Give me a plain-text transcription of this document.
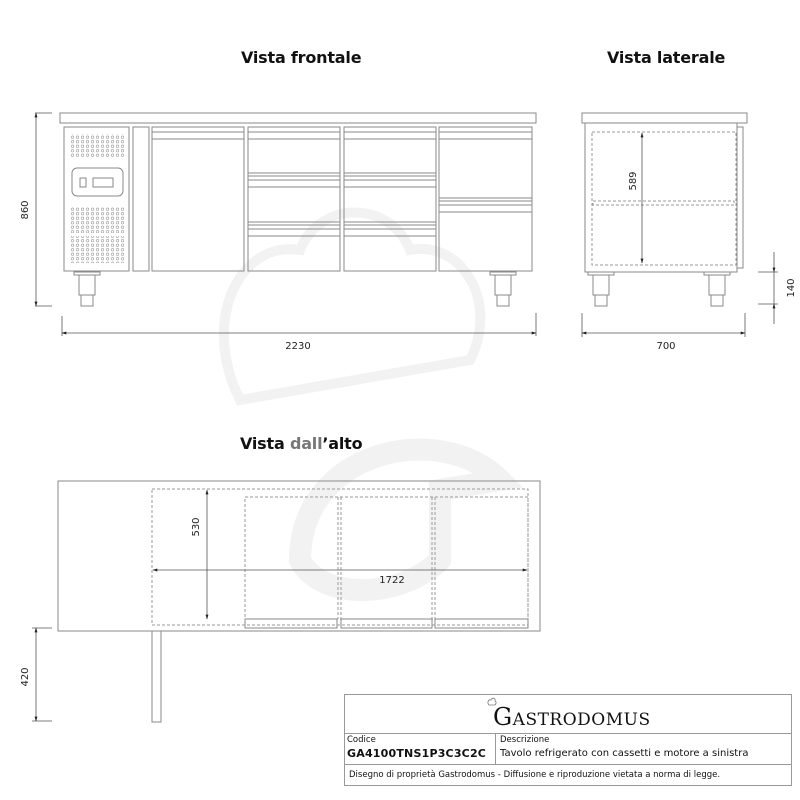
Vista frontale	Vista laterale
Vista dall’alto
860
2230
589
140
700
530
1722
420
GASTRODOMUS
Codice
GA4100TNS1P3C3C2C
Descrizione
Tavolo refrigerato con cassetti e motore a sinistra
Disegno di proprietà Gastrodomus - Diffusione e riproduzione vietata a norma di legge.
